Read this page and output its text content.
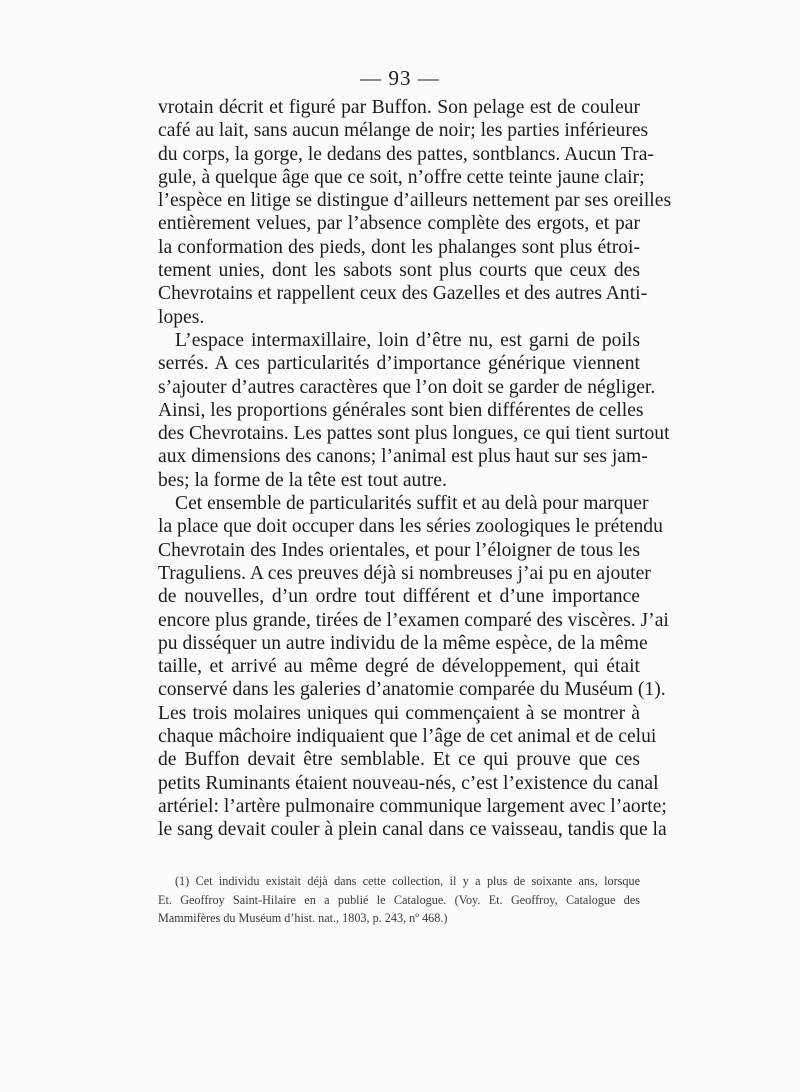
— 93 —
vrotain décrit et figuré par Buffon. Son pelage est de couleur
café au lait, sans aucun mélange de noir; les parties inférieures
du corps, la gorge, le dedans des pattes, sontblancs. Aucun Tra-
gule, à quelque âge que ce soit, n’offre cette teinte jaune clair;
l’espèce en litige se distingue d’ailleurs nettement par ses oreilles
entièrement velues, par l’absence complète des ergots, et par
la conformation des pieds, dont les phalanges sont plus étroi-
tement unies, dont les sabots sont plus courts que ceux des
Chevrotains et rappellent ceux des Gazelles et des autres Anti-
lopes.
L’espace intermaxillaire, loin d’être nu, est garni de poils
serrés. A ces particularités d’importance générique viennent
s’ajouter d’autres caractères que l’on doit se garder de négliger.
Ainsi, les proportions générales sont bien différentes de celles
des Chevrotains. Les pattes sont plus longues, ce qui tient surtout
aux dimensions des canons; l’animal est plus haut sur ses jam-
bes; la forme de la tête est tout autre.
Cet ensemble de particularités suffit et au delà pour marquer
la place que doit occuper dans les séries zoologiques le prétendu
Chevrotain des Indes orientales, et pour l’éloigner de tous les
Traguliens. A ces preuves déjà si nombreuses j’ai pu en ajouter
de nouvelles, d’un ordre tout différent et d’une importance
encore plus grande, tirées de l’examen comparé des viscères. J’ai
pu disséquer un autre individu de la même espèce, de la même
taille, et arrivé au même degré de développement, qui était
conservé dans les galeries d’anatomie comparée du Muséum (1).
Les trois molaires uniques qui commençaient à se montrer à
chaque mâchoire indiquaient que l’âge de cet animal et de celui
de Buffon devait être semblable. Et ce qui prouve que ces
petits Ruminants étaient nouveau-nés, c’est l’existence du canal
artériel: l’artère pulmonaire communique largement avec l’aorte;
le sang devait couler à plein canal dans ce vaisseau, tandis que la
(1) Cet individu existait déjà dans cette collection, il y a plus de soixante ans, lorsque
Et. Geoffroy Saint-Hilaire en a publié le Catalogue. (Voy. Et. Geoffroy, Catalogue des
Mammifères du Muséum d’hist. nat., 1803, p. 243, nº 468.)
